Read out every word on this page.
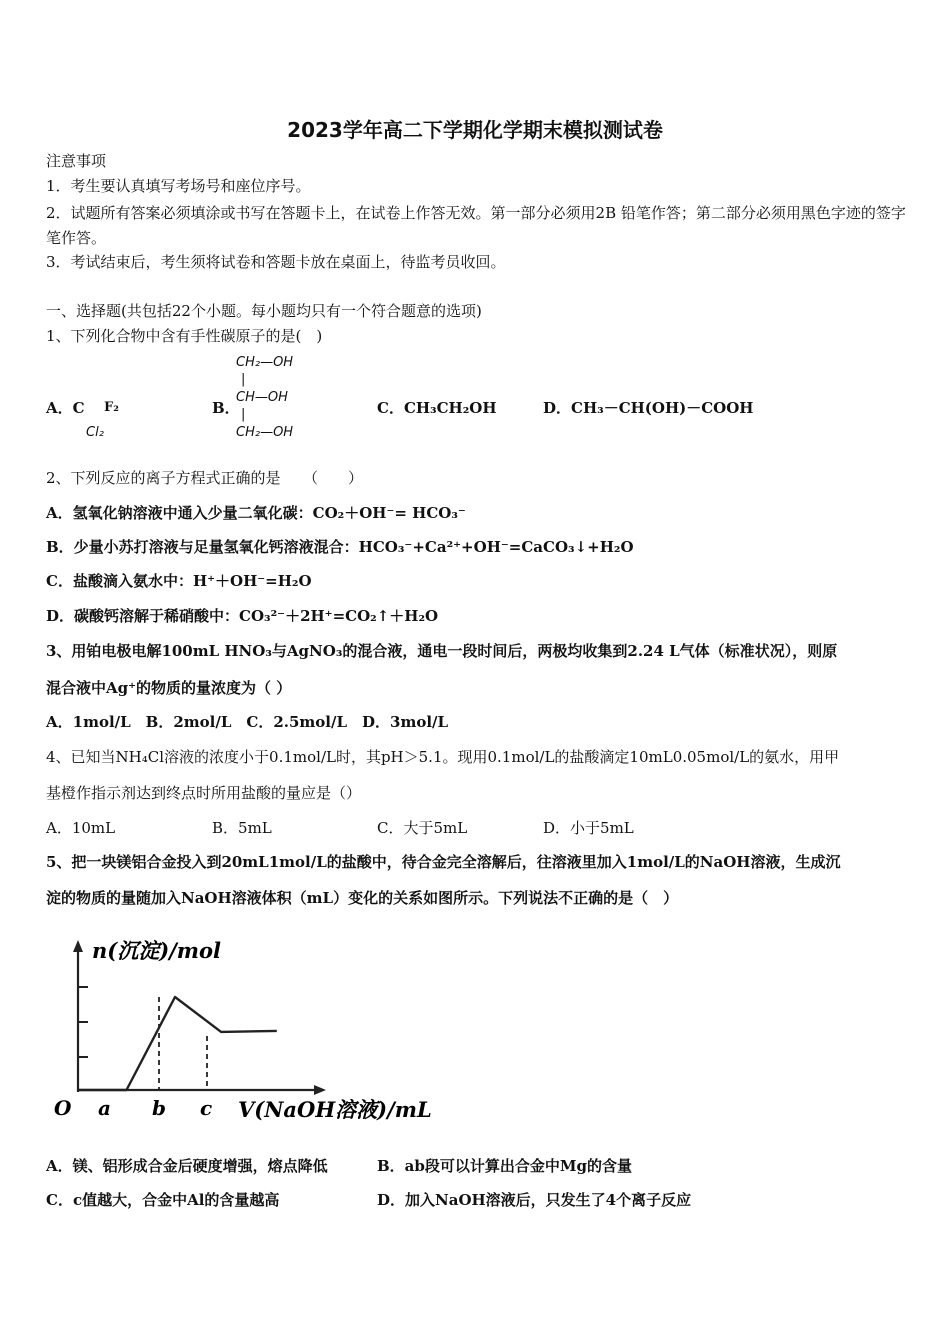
2023学年高二下学期化学期末模拟测试卷
注意事项
1．考生要认真填写考场号和座位序号。
2．试题所有答案必须填涂或书写在答题卡上，在试卷上作答无效。第一部分必须用2B 铅笔作答；第二部分必须用黑色字迹的签字笔作答。
3．考试结束后，考生须将试卷和答题卡放在桌面上，待监考员收回。
一、选择题(共包括22个小题。每小题均只有一个符合题意的选项)
1、下列化合物中含有手性碳原子的是(　)
A．C F₂
Cl₂
B．
CH₂—OH
|
CH—OH
|
CH₂—OH
C．CH₃CH₂OH	D．CH₃－CH(OH)－COOH
2、下列反应的离子方程式正确的是　　（　　）
A．氢氧化钠溶液中通入少量二氧化碳：CO₂＋OH⁻= HCO₃⁻
B．少量小苏打溶液与足量氢氧化钙溶液混合：HCO₃⁻+Ca²⁺+OH⁻=CaCO₃↓+H₂O
C．盐酸滴入氨水中：H⁺＋OH⁻=H₂O
D．碳酸钙溶解于稀硝酸中：CO₃²⁻＋2H⁺=CO₂↑＋H₂O
3、用铂电极电解100mL HNO₃与AgNO₃的混合液，通电一段时间后，两极均收集到2.24 L气体（标准状况），则原
混合液中Ag⁺的物质的量浓度为（ ）
A．1mol/L　B．2mol/L　C．2.5mol/L　D．3mol/L
4、已知当NH₄Cl溶液的浓度小于0.1mol/L时，其pH＞5.1。现用0.1mol/L的盐酸滴定10mL0.05mol/L的氨水，用甲
基橙作指示剂达到终点时所用盐酸的量应是（）
A．10mL	B．5mL	C．大于5mL	D．小于5mL
5、把一块镁铝合金投入到20mL1mol/L的盐酸中，待合金完全溶解后，往溶液里加入1mol/L的NaOH溶液，生成沉
淀的物质的量随加入NaOH溶液体积（mL）变化的关系如图所示。下列说法不正确的是（　）
n(沉淀)/mol
O a b c V(NaOH溶液)/mL
A．镁、铝形成合金后硬度增强，熔点降低	B．ab段可以计算出合金中Mg的含量
C．c值越大，合金中Al的含量越高	D．加入NaOH溶液后，只发生了4个离子反应
